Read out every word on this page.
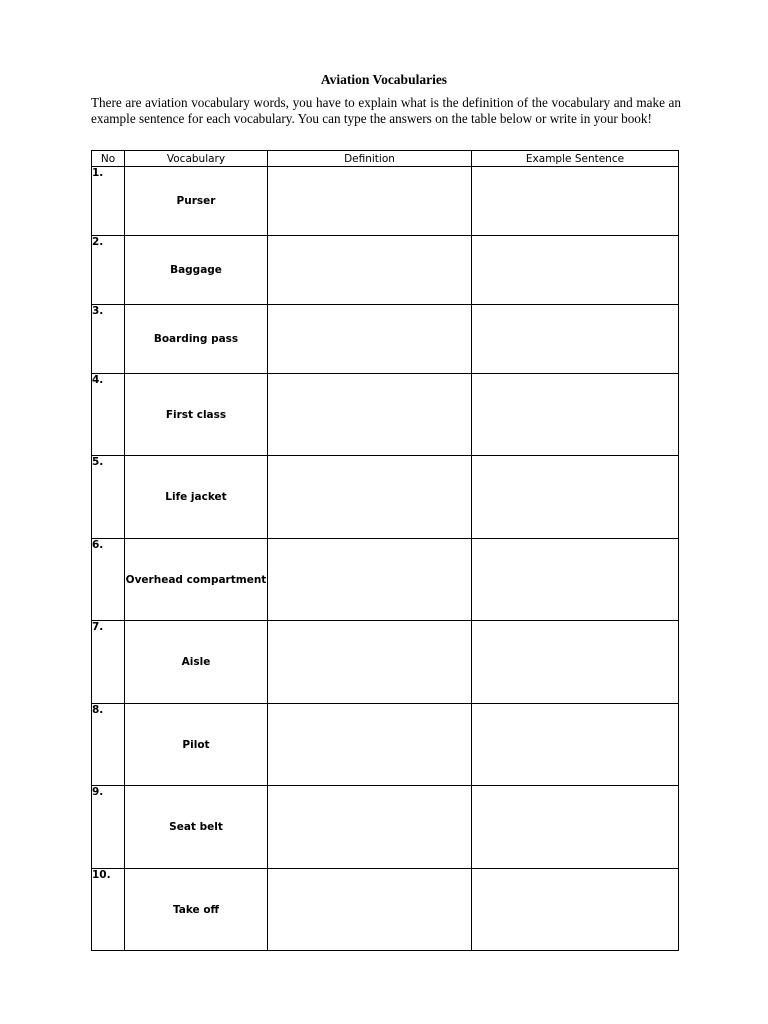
Aviation Vocabularies

There are aviation vocabulary words, you have to explain what is the definition of the vocabulary and make an example sentence for each vocabulary. You can type the answers on the table below or write in your book!

No	Vocabulary	Definition	Example Sentence
1.	Purser		
2.	Baggage		
3.	Boarding pass		
4.	First class		
5.	Life jacket		
6.	Overhead compartment		
7.	Aisle		
8.	Pilot		
9.	Seat belt		
10.	Take off		
